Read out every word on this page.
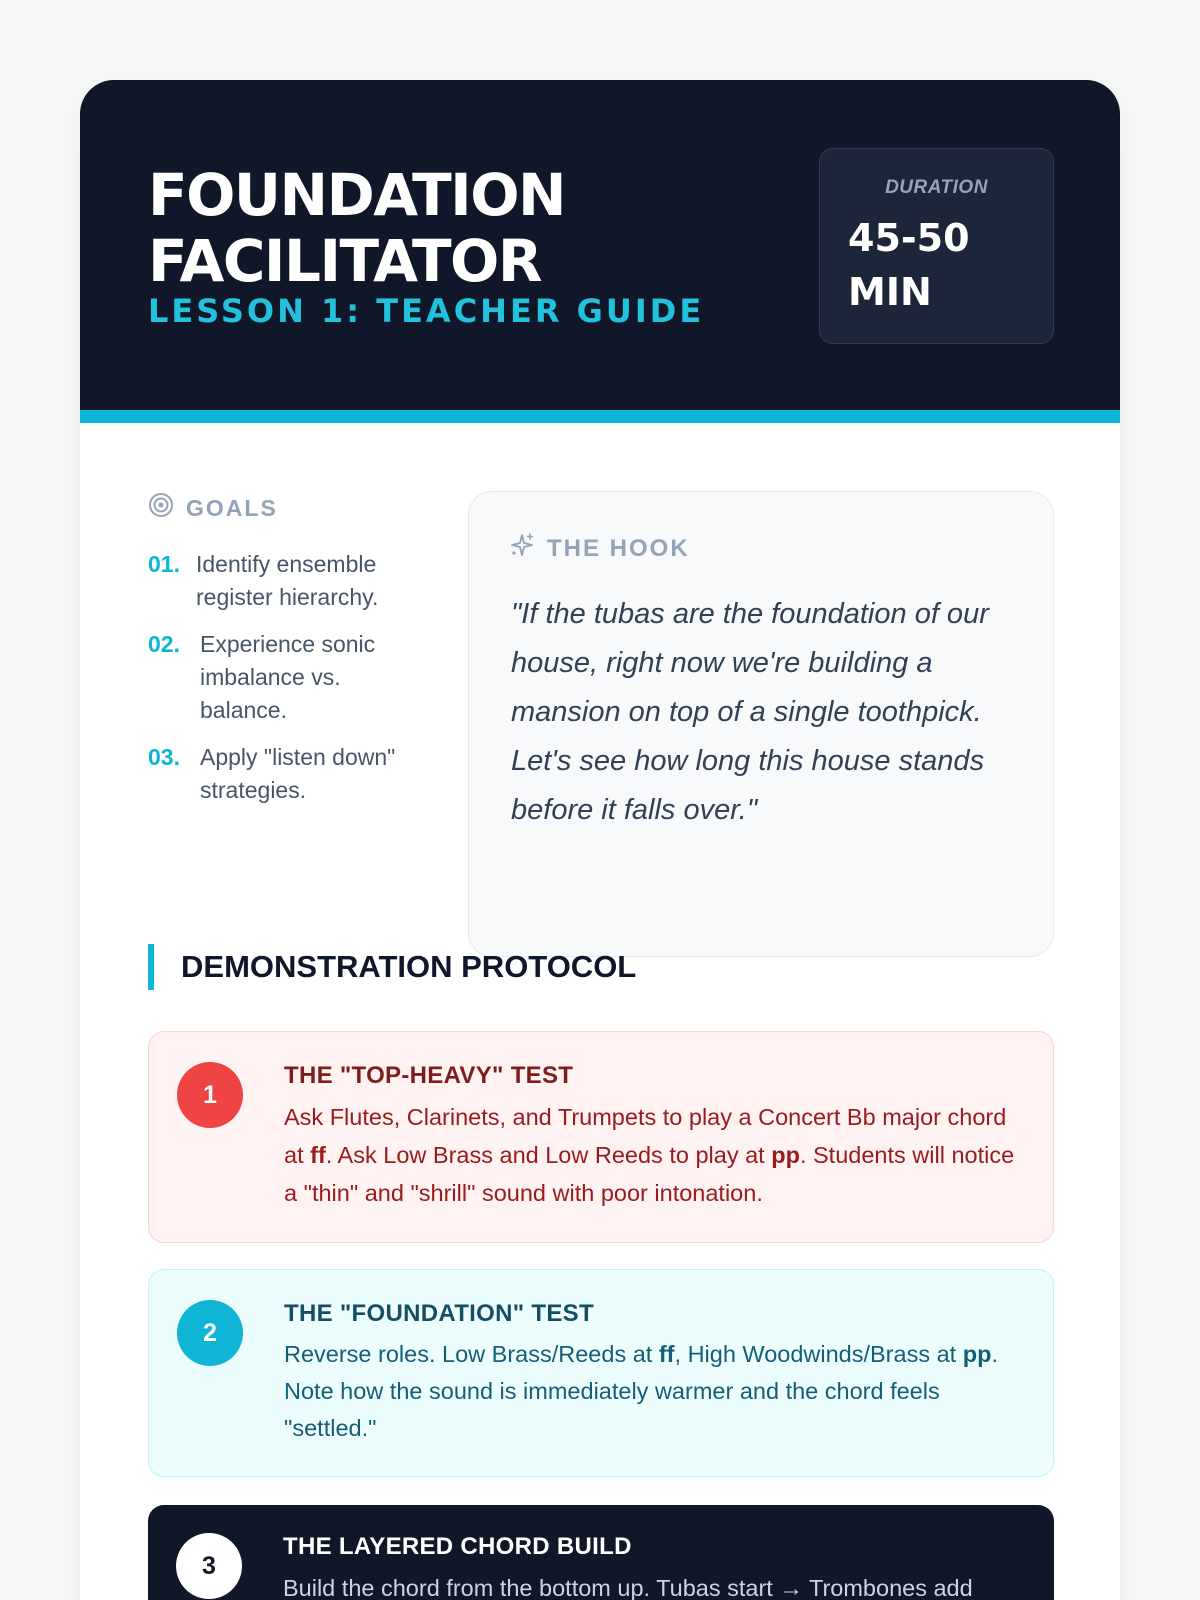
FOUNDATION
FACILITATOR
LESSON 1: TEACHER GUIDE
DURATION
45-50
MIN
GOALS
01. Identify ensemble register hierarchy.
02. Experience sonic imbalance vs. balance.
03. Apply "listen down" strategies.
THE HOOK
"If the tubas are the foundation of our house, right now we're building a mansion on top of a single toothpick. Let's see how long this house stands before it falls over."
DEMONSTRATION PROTOCOL
1
THE "TOP-HEAVY" TEST
Ask Flutes, Clarinets, and Trumpets to play a Concert Bb major chord at ff. Ask Low Brass and Low Reeds to play at pp. Students will notice a "thin" and "shrill" sound with poor intonation.
2
THE "FOUNDATION" TEST
Reverse roles. Low Brass/Reeds at ff, High Woodwinds/Brass at pp. Note how the sound is immediately warmer and the chord feels "settled."
3
THE LAYERED CHORD BUILD
Build the chord from the bottom up. Tubas start → Trombones add
